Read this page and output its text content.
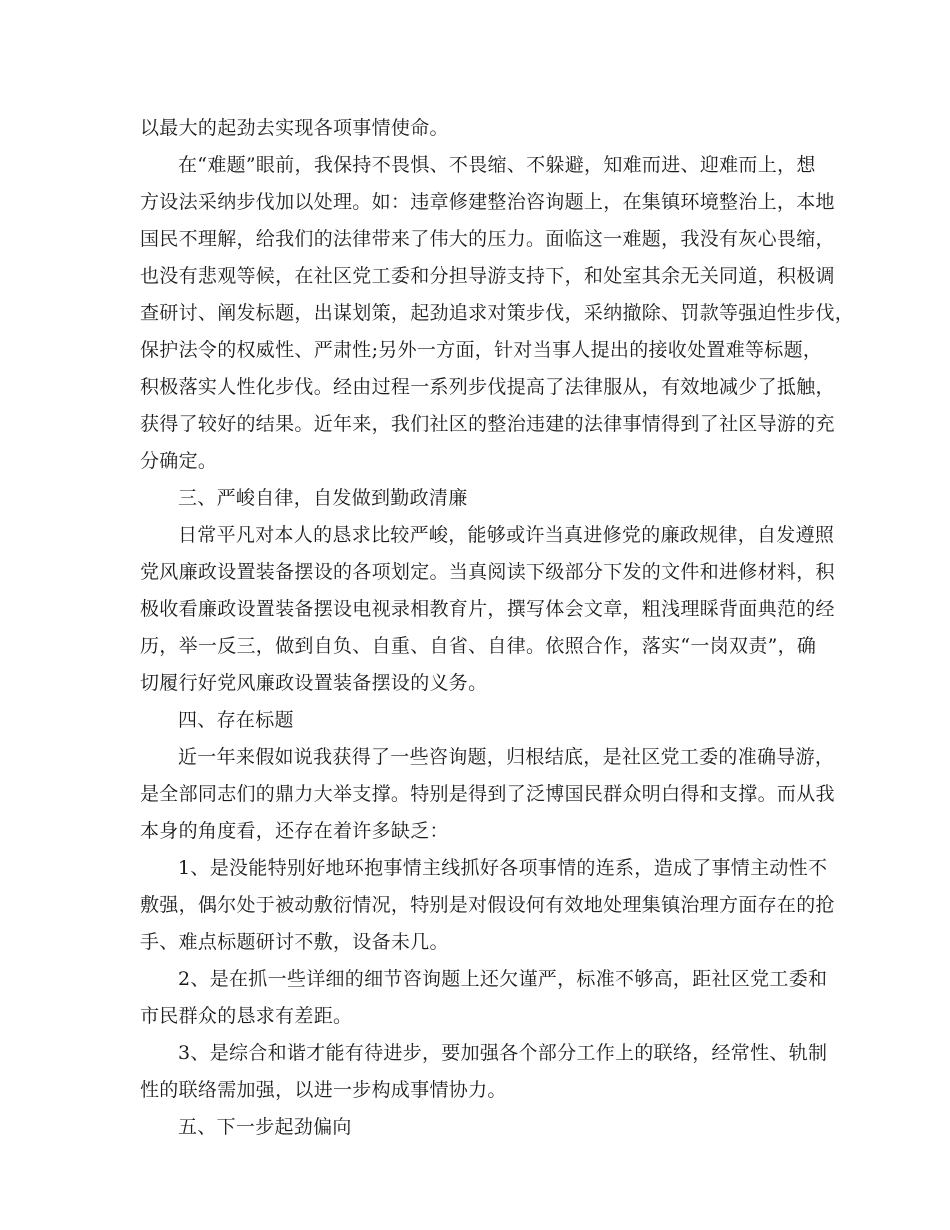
以最大的起劲去实现各项事情使命。
在“难题”眼前，我保持不畏惧、不畏缩、不躲避，知难而进、迎难而上，想
方设法采纳步伐加以处理。如：违章修建整治咨询题上，在集镇环境整治上，本地
国民不理解，给我们的法律带来了伟大的压力。面临这一难题，我没有灰心畏缩，
也没有悲观等候，在社区党工委和分担导游支持下，和处室其余无关同道，积极调
查研讨、阐发标题，出谋划策，起劲追求对策步伐，采纳撤除、罚款等强迫性步伐，
保护法令的权威性、严肃性;另外一方面，针对当事人提出的接收处置难等标题，
积极落实人性化步伐。经由过程一系列步伐提高了法律服从，有效地减少了抵触，
获得了较好的结果。近年来，我们社区的整治违建的法律事情得到了社区导游的充
分确定。
三、严峻自律，自发做到勤政清廉
日常平凡对本人的恳求比较严峻，能够或许当真进修党的廉政规律，自发遵照
党风廉政设置装备摆设的各项划定。当真阅读下级部分下发的文件和进修材料，积
极收看廉政设置装备摆设电视录相教育片，撰写体会文章，粗浅理睬背面典范的经
历，举一反三，做到自负、自重、自省、自律。依照合作，落实“一岗双责”，确
切履行好党风廉政设置装备摆设的义务。
四、存在标题
近一年来假如说我获得了一些咨询题，归根结底，是社区党工委的准确导游，
是全部同志们的鼎力大举支撑。特别是得到了泛博国民群众明白得和支撑。而从我
本身的角度看，还存在着许多缺乏：
1、是没能特别好地环抱事情主线抓好各项事情的连系，造成了事情主动性不
敷强，偶尔处于被动敷衍情况，特别是对假设何有效地处理集镇治理方面存在的抢
手、难点标题研讨不敷，设备未几。
2、是在抓一些详细的细节咨询题上还欠谨严，标准不够高，距社区党工委和
市民群众的恳求有差距。
3、是综合和谐才能有待进步，要加强各个部分工作上的联络，经常性、轨制
性的联络需加强，以进一步构成事情协力。
五、下一步起劲偏向
